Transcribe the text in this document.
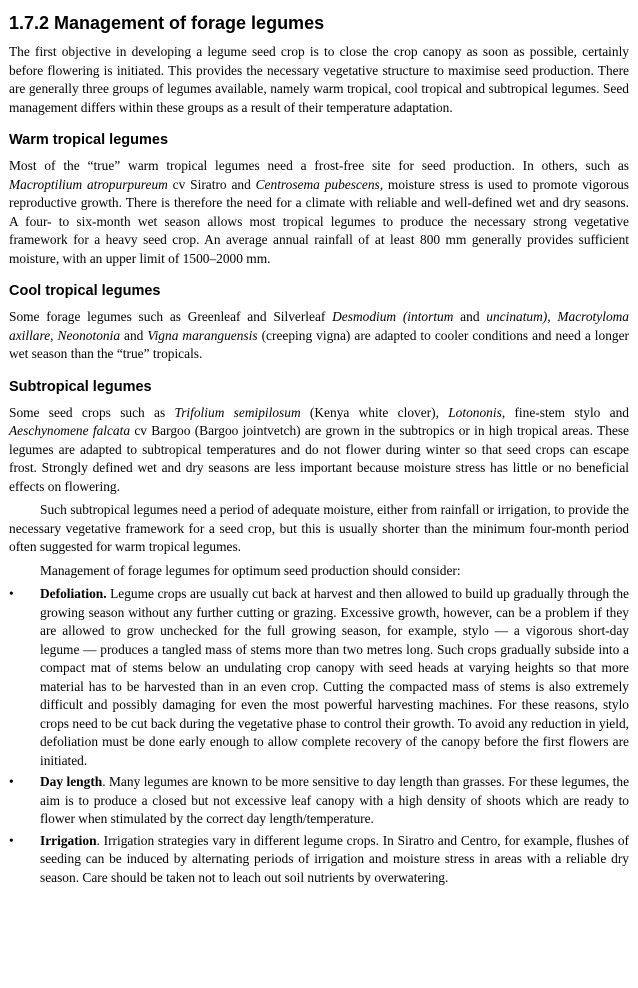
1.7.2 Management of forage legumes

The first objective in developing a legume seed crop is to close the crop canopy as soon as possible, certainly before flowering is initiated. This provides the necessary vegetative structure to maximise seed production. There are generally three groups of legumes available, namely warm tropical, cool tropical and subtropical legumes. Seed management differs within these groups as a result of their temperature adaptation.

Warm tropical legumes

Most of the “true” warm tropical legumes need a frost-free site for seed production. In others, such as Macroptilium atropurpureum cv Siratro and Centrosema pubescens, moisture stress is used to promote vigorous reproductive growth. There is therefore the need for a climate with reliable and well-defined wet and dry seasons. A four- to six-month wet season allows most tropical legumes to produce the necessary strong vegetative framework for a heavy seed crop. An average annual rainfall of at least 800 mm generally provides sufficient moisture, with an upper limit of 1500–2000 mm.

Cool tropical legumes

Some forage legumes such as Greenleaf and Silverleaf Desmodium (intortum and uncinatum), Macrotyloma axillare, Neonotonia and Vigna maranguensis (creeping vigna) are adapted to cooler conditions and need a longer wet season than the “true” tropicals.

Subtropical legumes

Some seed crops such as Trifolium semipilosum (Kenya white clover), Lotononis, fine-stem stylo and Aeschynomene falcata cv Bargoo (Bargoo jointvetch) are grown in the subtropics or in high tropical areas. These legumes are adapted to subtropical temperatures and do not flower during winter so that seed crops can escape frost. Strongly defined wet and dry seasons are less important because moisture stress has little or no beneficial effects on flowering.

Such subtropical legumes need a period of adequate moisture, either from rainfall or irrigation, to provide the necessary vegetative framework for a seed crop, but this is usually shorter than the minimum four-month period often suggested for warm tropical legumes.

Management of forage legumes for optimum seed production should consider:

• Defoliation. Legume crops are usually cut back at harvest and then allowed to build up gradually through the growing season without any further cutting or grazing. Excessive growth, however, can be a problem if they are allowed to grow unchecked for the full growing season, for example, stylo — a vigorous short-day legume — produces a tangled mass of stems more than two metres long. Such crops gradually subside into a compact mat of stems below an undulating crop canopy with seed heads at varying heights so that more material has to be harvested than in an even crop. Cutting the compacted mass of stems is also extremely difficult and possibly damaging for even the most powerful harvesting machines. For these reasons, stylo crops need to be cut back during the vegetative phase to control their growth. To avoid any reduction in yield, defoliation must be done early enough to allow complete recovery of the canopy before the first flowers are initiated.
• Day length. Many legumes are known to be more sensitive to day length than grasses. For these legumes, the aim is to produce a closed but not excessive leaf canopy with a high density of shoots which are ready to flower when stimulated by the correct day length/temperature.
• Irrigation. Irrigation strategies vary in different legume crops. In Siratro and Centro, for example, flushes of seeding can be induced by alternating periods of irrigation and moisture stress in areas with a reliable dry season. Care should be taken not to leach out soil nutrients by overwatering.
